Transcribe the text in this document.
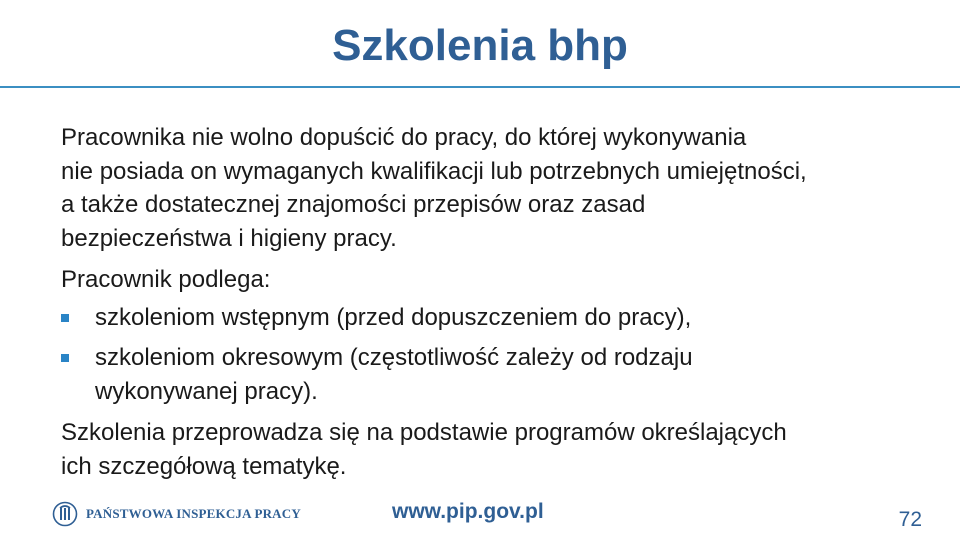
Szkolenia bhp

Pracownika nie wolno dopuścić do pracy, do której wykonywania
nie posiada on wymaganych kwalifikacji lub potrzebnych umiejętności,
a także dostatecznej znajomości przepisów oraz zasad
bezpieczeństwa i higieny pracy.

Pracownik podlega:

szkoleniom wstępnym (przed dopuszczeniem do pracy),
szkoleniom okresowym (częstotliwość zależy od rodzaju
wykonywanej pracy).

Szkolenia przeprowadza się na podstawie programów określających
ich szczegółową tematykę.

PAŃSTWOWA INSPEKCJA PRACY	www.pip.gov.pl	72
